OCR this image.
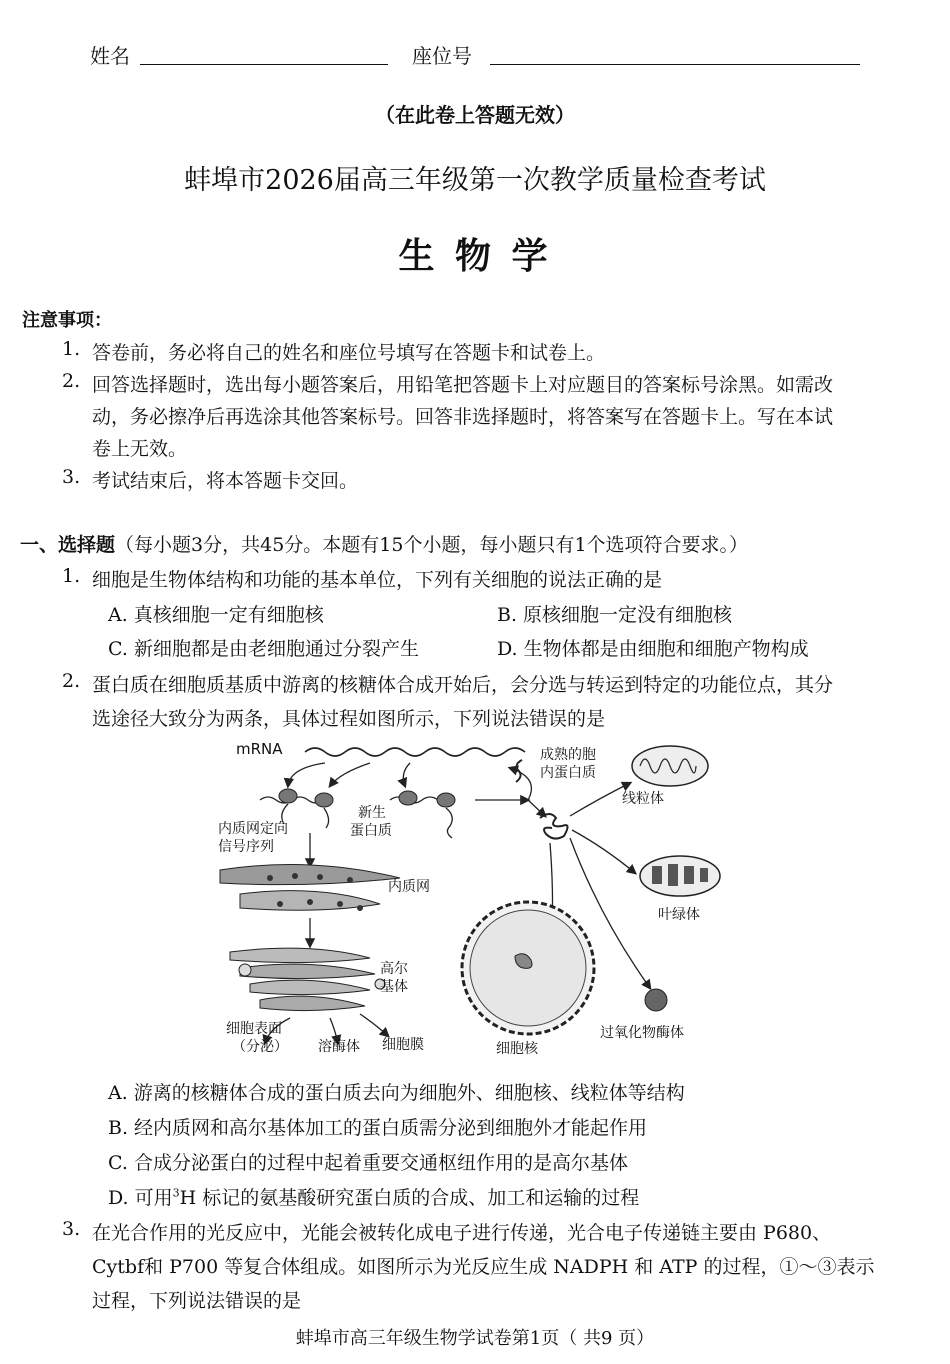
姓名	座位号
（在此卷上答题无效）
蚌埠市2026届高三年级第一次教学质量检查考试
生 物 学
注意事项：
1. 答卷前，务必将自己的姓名和座位号填写在答题卡和试卷上。
2. 回答选择题时，选出每小题答案后，用铅笔把答题卡上对应题目的答案标号涂黑。如需改
动，务必擦净后再选涂其他答案标号。回答非选择题时，将答案写在答题卡上。写在本试
卷上无效。
3. 考试结束后，将本答题卡交回。
一、选择题（每小题3分，共45分。本题有15个小题，每小题只有1个选项符合要求。）
1. 细胞是生物体结构和功能的基本单位，下列有关细胞的说法正确的是
A. 真核细胞一定有细胞核	B. 原核细胞一定没有细胞核
C. 新细胞都是由老细胞通过分裂产生	D. 生物体都是由细胞和细胞产物构成
2. 蛋白质在细胞质基质中游离的核糖体合成开始后，会分选与转运到特定的功能位点，其分
选途径大致分为两条，具体过程如图所示，下列说法错误的是
mRNA
新生
蛋白质
内质网定向
信号序列
内质网
高尔
基体
细胞表面
（分泌） 溶酶体 细胞膜
成熟的胞
内蛋白质
线粒体
叶绿体
细胞核
过氧化物酶体
A. 游离的核糖体合成的蛋白质去向为细胞外、细胞核、线粒体等结构
B. 经内质网和高尔基体加工的蛋白质需分泌到细胞外才能起作用
C. 合成分泌蛋白的过程中起着重要交通枢纽作用的是高尔基体
D. 可用$^3$H 标记的氨基酸研究蛋白质的合成、加工和运输的过程
3. 在光合作用的光反应中，光能会被转化成电子进行传递，光合电子传递链主要由 P680、
Cytbf和 P700 等复合体组成。如图所示为光反应生成 NADPH 和 ATP 的过程，①～③表示
过程，下列说法错误的是
蚌埠市高三年级生物学试卷第1页（ 共9 页）
